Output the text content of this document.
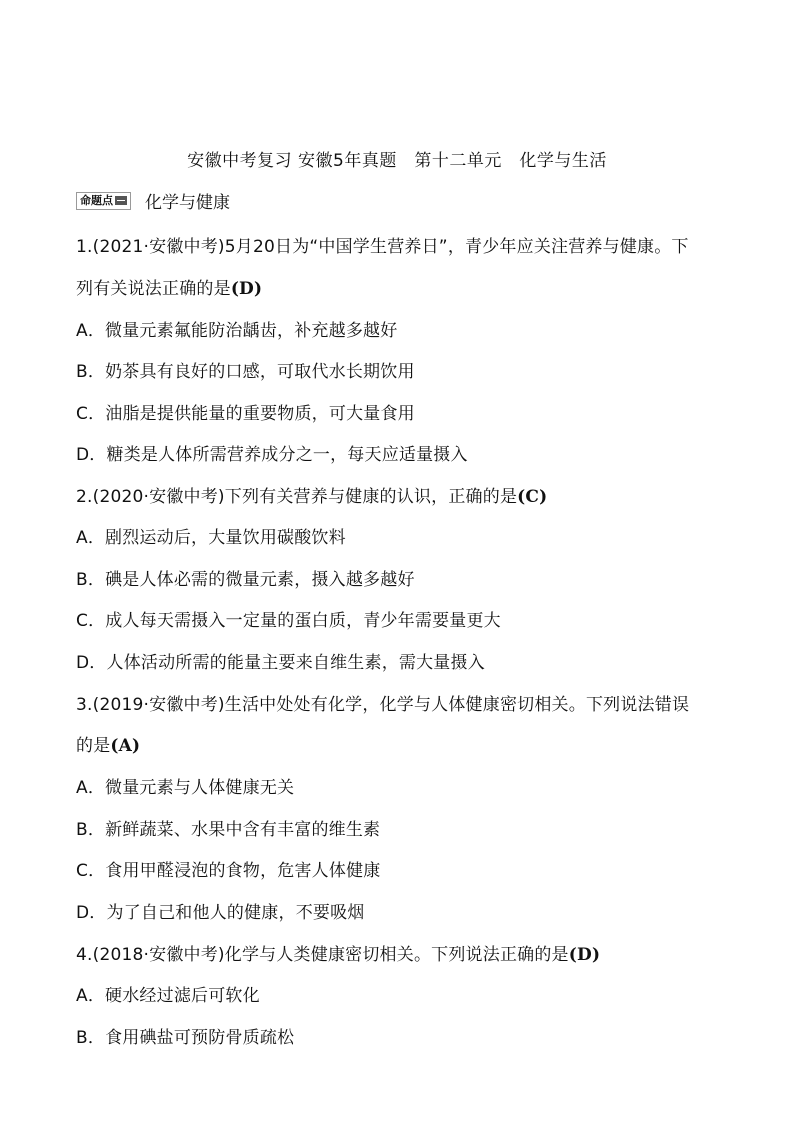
安徽中考复习 安徽5年真题　第十二单元　化学与生活
命题点 化学与健康
1.(2021·安徽中考)5月20日为“中国学生营养日”，青少年应关注营养与健康。下
列有关说法正确的是(D)
A．微量元素氟能防治龋齿，补充越多越好
B．奶茶具有良好的口感，可取代水长期饮用
C．油脂是提供能量的重要物质，可大量食用
D．糖类是人体所需营养成分之一，每天应适量摄入
2.(2020·安徽中考)下列有关营养与健康的认识，正确的是(C)
A．剧烈运动后，大量饮用碳酸饮料
B．碘是人体必需的微量元素，摄入越多越好
C．成人每天需摄入一定量的蛋白质，青少年需要量更大
D．人体活动所需的能量主要来自维生素，需大量摄入
3.(2019·安徽中考)生活中处处有化学，化学与人体健康密切相关。下列说法错误
的是(A)
A．微量元素与人体健康无关
B．新鲜蔬菜、水果中含有丰富的维生素
C．食用甲醛浸泡的食物，危害人体健康
D．为了自己和他人的健康，不要吸烟
4.(2018·安徽中考)化学与人类健康密切相关。下列说法正确的是(D)
A．硬水经过滤后可软化
B．食用碘盐可预防骨质疏松
